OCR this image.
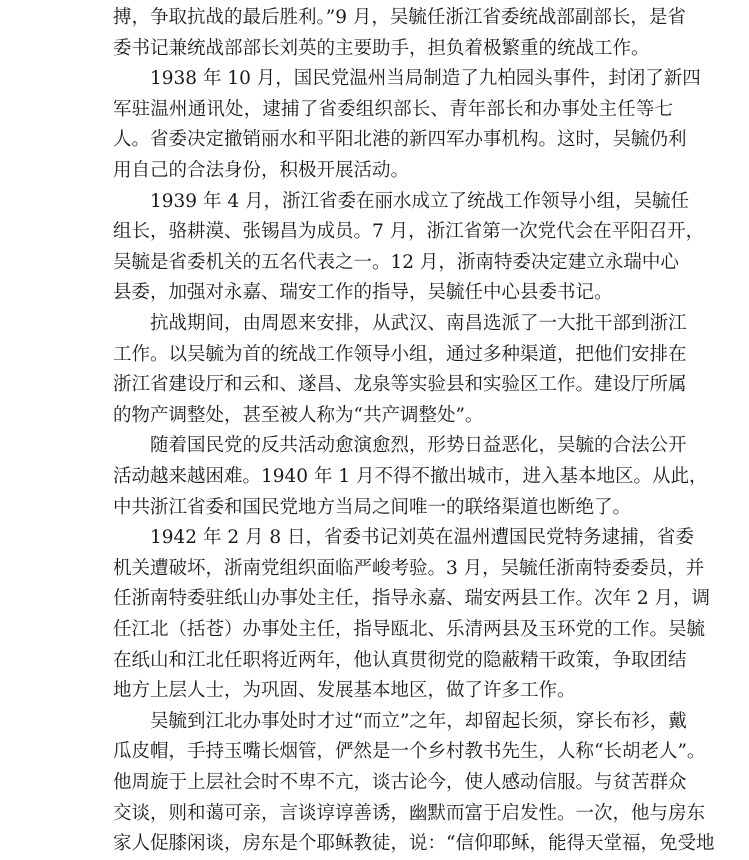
搏，争取抗战的最后胜利。”9 月，吴毓任浙江省委统战部副部长，是省
委书记兼统战部部长刘英的主要助手，担负着极繁重的统战工作。
1938 年 10 月，国民党温州当局制造了九柏园头事件，封闭了新四
军驻温州通讯处，逮捕了省委组织部长、青年部长和办事处主任等七
人。省委决定撤销丽水和平阳北港的新四军办事机构。这时，吴毓仍利
用自己的合法身份，积极开展活动。
1939 年 4 月，浙江省委在丽水成立了统战工作领导小组，吴毓任
组长，骆耕漠、张锡昌为成员。7 月，浙江省第一次党代会在平阳召开，
吴毓是省委机关的五名代表之一。12 月，浙南特委决定建立永瑞中心
县委，加强对永嘉、瑞安工作的指导，吴毓任中心县委书记。
抗战期间，由周恩来安排，从武汉、南昌选派了一大批干部到浙江
工作。以吴毓为首的统战工作领导小组，通过多种渠道，把他们安排在
浙江省建设厅和云和、遂昌、龙泉等实验县和实验区工作。建设厅所属
的物产调整处，甚至被人称为“共产调整处”。
随着国民党的反共活动愈演愈烈，形势日益恶化，吴毓的合法公开
活动越来越困难。1940 年 1 月不得不撤出城市，进入基本地区。从此，
中共浙江省委和国民党地方当局之间唯一的联络渠道也断绝了。
1942 年 2 月 8 日，省委书记刘英在温州遭国民党特务逮捕，省委
机关遭破坏，浙南党组织面临严峻考验。3 月，吴毓任浙南特委委员，并
任浙南特委驻纸山办事处主任，指导永嘉、瑞安两县工作。次年 2 月，调
任江北（括苍）办事处主任，指导瓯北、乐清两县及玉环党的工作。吴毓
在纸山和江北任职将近两年，他认真贯彻党的隐蔽精干政策，争取团结
地方上层人士，为巩固、发展基本地区，做了许多工作。
吴毓到江北办事处时才过“而立”之年，却留起长须，穿长布衫，戴
瓜皮帽，手持玉嘴长烟管，俨然是一个乡村教书先生，人称“长胡老人”。
他周旋于上层社会时不卑不亢，谈古论今，使人感动信服。与贫苦群众
交谈，则和蔼可亲，言谈谆谆善诱，幽默而富于启发性。一次，他与房东
家人促膝闲谈，房东是个耶稣教徒，说：“信仰耶稣，能得天堂福，免受地
